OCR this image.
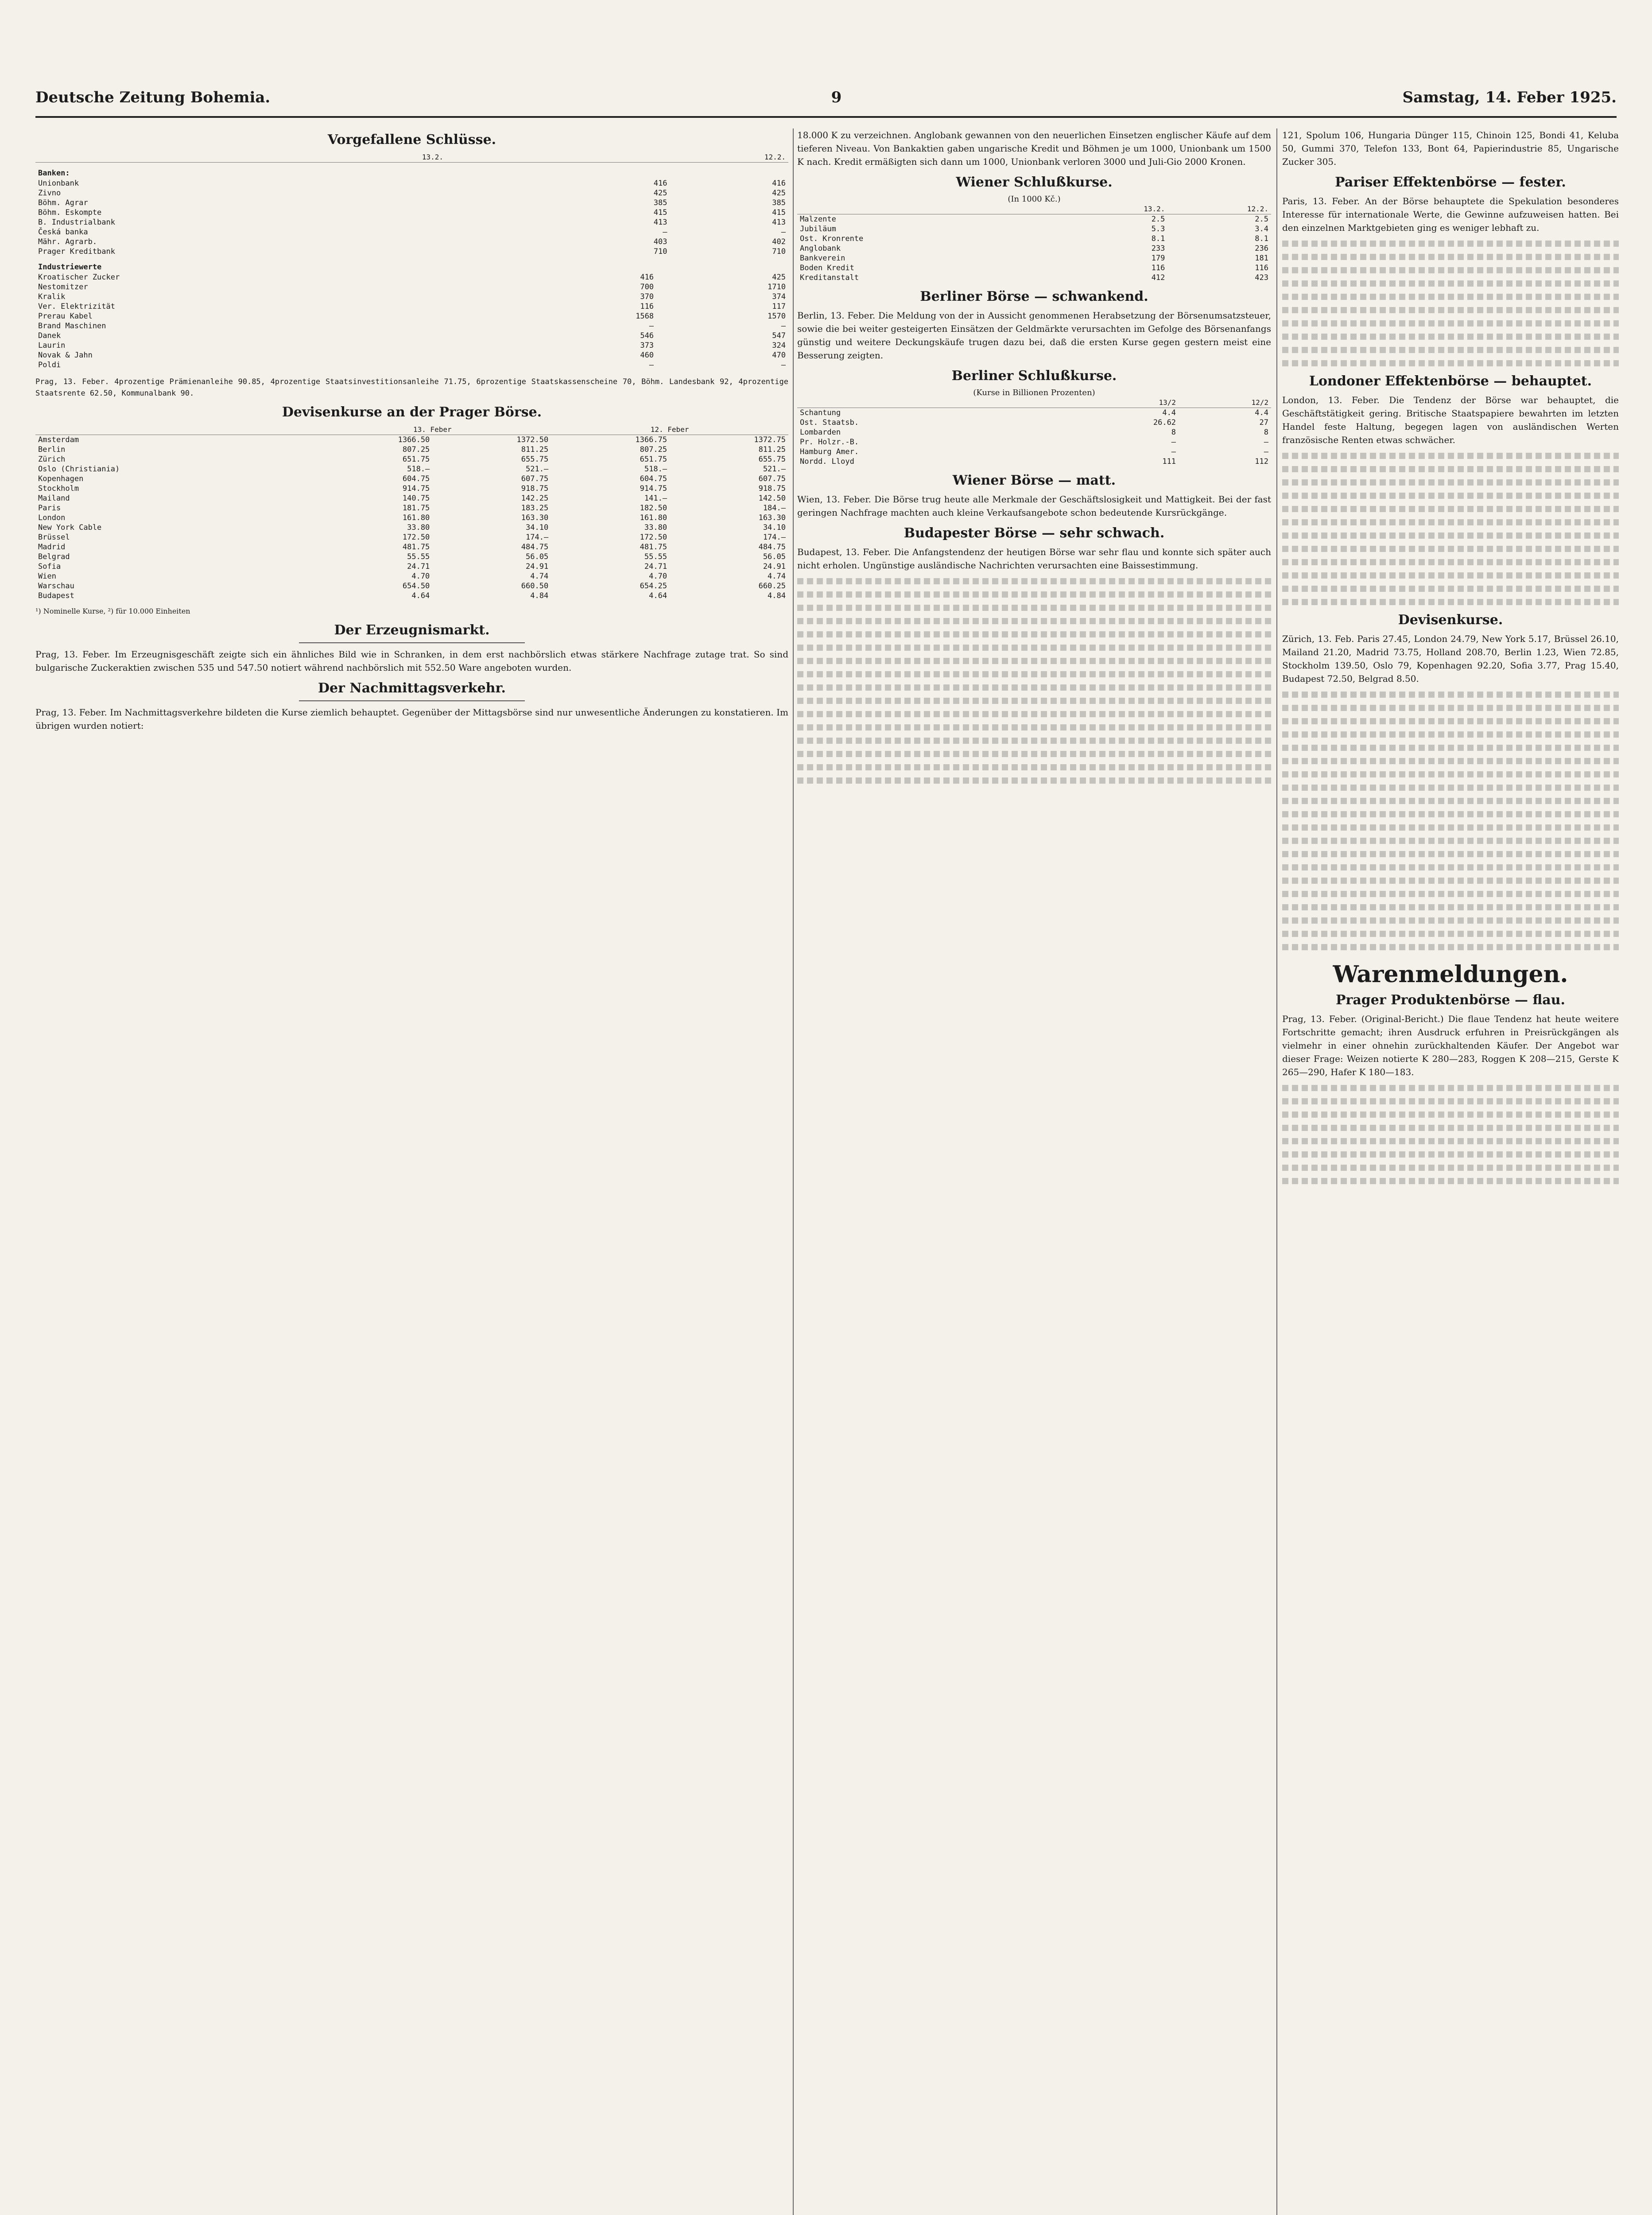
Deutsche Zeitung Bohemia.	9	Samstag, 14. Feber 1925.
Vorgefallene Schlüsse.
	13.2.	12.2.
Banken:
Unionbank	416	416
Zivno	425	425
Böhm. Agrar	385	385
Böhm. Eskompte	415	415
B. Industrialbank	413	413
Česká banka	—	—
Mähr. Agrarb.	403	402
Prager Kreditbank	710	710
Industriewerte
Kroatischer Zucker	416	425
Nestomitzer	700	1710
Kralik	370	374
Ver. Elektrizität	116	117
Prerau Kabel	1568	1570
Brand Maschinen	—	—
Danek	546	547
Laurin	373	324
Novak & Jahn	460	470
Poldi	—	—

Prag, 13. Feber. 4prozentige Prämienanleihe 90.85, 4prozentige Staatsinvestitionsanleihe 71.75, 6prozentige Staatskassenscheine 70, Böhm. Landesbank 92, 4prozentige Staatsrente 62.50, Kommunalbank 90.

Devisenkurse an der Prager Börse.
	13. Feber		12. Feber	
Amsterdam	1366.50	1372.50	1366.75	1372.75
Berlin	807.25	811.25	807.25	811.25
Zürich	651.75	655.75	651.75	655.75
Oslo (Christiania)	518.—	521.—	518.—	521.—
Kopenhagen	604.75	607.75	604.75	607.75
Stockholm	914.75	918.75	914.75	918.75
Mailand	140.75	142.25	141.—	142.50
Paris	181.75	183.25	182.50	184.—
London	161.80	163.30	161.80	163.30
New York Cable	33.80	34.10	33.80	34.10
Brüssel	172.50	174.—	172.50	174.—
Madrid	481.75	484.75	481.75	484.75
Belgrad	55.55	56.05	55.55	56.05
Sofia	24.71	24.91	24.71	24.91
Wien	4.70	4.74	4.70	4.74
Warschau	654.50	660.50	654.25	660.25
Budapest	4.64	4.84	4.64	4.84
¹) Nominelle Kurse, ²) für 10.000 Einheiten
Der Erzeugnismarkt.

Prag, 13. Feber. Im Erzeugnisgeschäft zeigte sich ein ähnliches Bild wie in Schranken, in dem erst nachbörslich etwas stärkere Nachfrage zutage trat. So sind bulgarische Zuckeraktien zwischen 535 und 547.50 notiert während nachbörslich mit 552.50 Ware angeboten wurden.

Der Nachmittagsverkehr.

Prag, 13. Feber. Im Nachmittagsverkehre bildeten die Kurse ziemlich behauptet. Gegenüber der Mittagsbörse sind nur unwesentliche Änderungen zu konstatieren. Im übrigen wurden notiert:

18.000 K zu verzeichnen. Anglobank gewannen von den neuerlichen Einsetzen englischer Käufe auf dem tieferen Niveau. Von Bankaktien gaben ungarische Kredit und Böhmen je um 1000, Unionbank um 1500 K nach. Kredit ermäßigten sich dann um 1000, Unionbank verloren 3000 und Juli-Gio 2000 Kronen.

Wiener Schlußkurse.
(In 1000 Kč.)
	13.2.	12.2.
Malzente	2.5	2.5
Jubiläum	5.3	3.4
Ost. Kronrente	8.1	8.1
Anglobank	233	236
Bankverein	179	181
Boden Kredit	116	116
Kreditanstalt	412	423
Berliner Börse — schwankend.

Berlin, 13. Feber. Die Meldung von der in Aussicht genommenen Herabsetzung der Börsenumsatzsteuer, sowie die bei weiter gesteigerten Einsätzen der Geldmärkte verursachten im Gefolge des Börsenanfangs günstig und weitere Deckungskäufe trugen dazu bei, daß die ersten Kurse gegen gestern meist eine Besserung zeigten.

Berliner Schlußkurse.
(Kurse in Billionen Prozenten)
	13/2	12/2
Schantung	4.4	4.4
Ost. Staatsb.	26.62	27
Lombarden	8	8
Pr. Holzr.-B.	—	—
Hamburg Amer.	—	—
Nordd. Lloyd	111	112
Wiener Börse — matt.

Wien, 13. Feber. Die Börse trug heute alle Merkmale der Geschäftslosigkeit und Mattigkeit. Bei der fast geringen Nachfrage machten auch kleine Verkaufsangebote schon bedeutende Kursrückgänge.

Budapester Börse — sehr schwach.

Budapest, 13. Feber. Die Anfangstendenz der heutigen Börse war sehr flau und konnte sich später auch nicht erholen. Ungünstige ausländische Nachrichten verursachten eine Baissestimmung.

121, Spolum 106, Hungaria Dünger 115, Chinoin 125, Bondi 41, Keluba 50, Gummi 370, Telefon 133, Bont 64, Papierindustrie 85, Ungarische Zucker 305.

Pariser Effektenbörse — fester.

Paris, 13. Feber. An der Börse behauptete die Spekulation besonderes Interesse für internationale Werte, die Gewinne aufzuweisen hatten. Bei den einzelnen Marktgebieten ging es weniger lebhaft zu.

Londoner Effektenbörse — behauptet.

London, 13. Feber. Die Tendenz der Börse war behauptet, die Geschäftstätigkeit gering. Britische Staatspapiere bewahrten im letzten Handel feste Haltung, begegen lagen von ausländischen Werten französische Renten etwas schwächer.

Devisenkurse.

Zürich, 13. Feb. Paris 27.45, London 24.79, New York 5.17, Brüssel 26.10, Mailand 21.20, Madrid 73.75, Holland 208.70, Berlin 1.23, Wien 72.85, Stockholm 139.50, Oslo 79, Kopenhagen 92.20, Sofia 3.77, Prag 15.40, Budapest 72.50, Belgrad 8.50.

Warenmeldungen.
Prager Produktenbörse — flau.

Prag, 13. Feber. (Original-Bericht.) Die flaue Tendenz hat heute weitere Fortschritte gemacht; ihren Ausdruck erfuhren in Preisrückgängen als vielmehr in einer ohnehin zurückhaltenden Käufer. Der Angebot war dieser Frage: Weizen notierte K 280—283, Roggen K 208—215, Gerste K 265—290, Hafer K 180—183.
